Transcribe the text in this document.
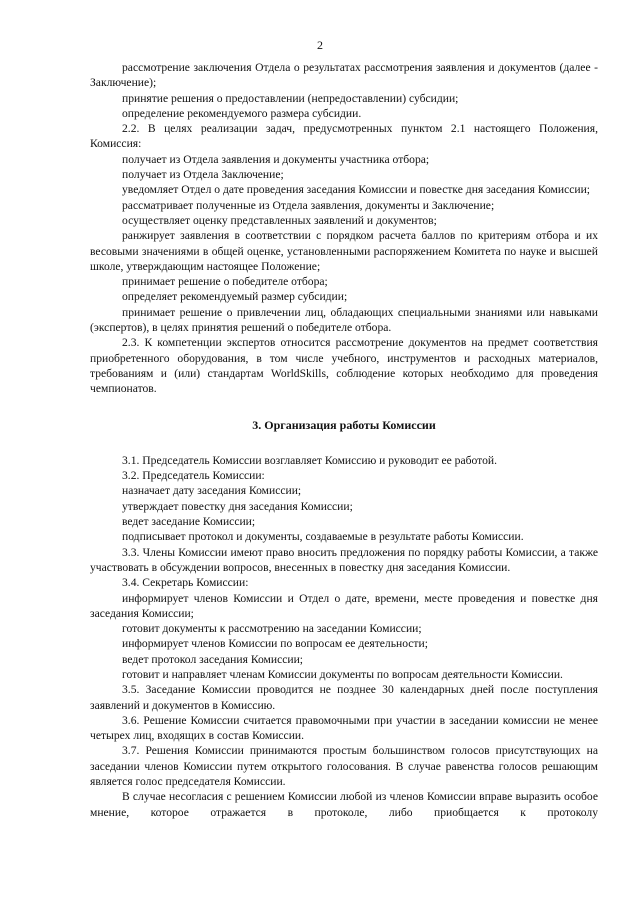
2

рассмотрение заключения Отдела о результатах рассмотрения заявления и документов (далее - Заключение);

принятие решения о предоставлении (непредоставлении) субсидии;

определение рекомендуемого размера субсидии.

2.2. В целях реализации задач, предусмотренных пунктом 2.1 настоящего Положения, Комиссия:

получает из Отдела заявления и документы участника отбора;

получает из Отдела Заключение;

уведомляет Отдел о дате проведения заседания Комиссии и повестке дня заседания Комиссии;

рассматривает полученные из Отдела заявления, документы и Заключение;

осуществляет оценку представленных заявлений и документов;

ранжирует заявления в соответствии с порядком расчета баллов по критериям отбора и их весовыми значениями в общей оценке, установленными распоряжением Комитета по науке и высшей школе, утверждающим настоящее Положение;

принимает решение о победителе отбора;

определяет рекомендуемый размер субсидии;

принимает решение о привлечении лиц, обладающих специальными знаниями или навыками (экспертов), в целях принятия решений о победителе отбора.

2.3. К компетенции экспертов относится рассмотрение документов на предмет соответствия приобретенного оборудования, в том числе учебного, инструментов и расходных материалов, требованиям и (или) стандартам WorldSkills, соблюдение которых необходимо для проведения чемпионатов.

3. Организация работы Комиссии

3.1. Председатель Комиссии возглавляет Комиссию и руководит ее работой.

3.2. Председатель Комиссии:

назначает дату заседания Комиссии;

утверждает повестку дня заседания Комиссии;

ведет заседание Комиссии;

подписывает протокол и документы, создаваемые в результате работы Комиссии.

3.3. Члены Комиссии имеют право вносить предложения по порядку работы Комиссии, а также участвовать в обсуждении вопросов, внесенных в повестку дня заседания Комиссии.

3.4. Секретарь Комиссии:

информирует членов Комиссии и Отдел о дате, времени, месте проведения и повестке дня заседания Комиссии;

готовит документы к рассмотрению на заседании Комиссии;

информирует членов Комиссии по вопросам ее деятельности;

ведет протокол заседания Комиссии;

готовит и направляет членам Комиссии документы по вопросам деятельности Комиссии.

3.5. Заседание Комиссии проводится не позднее 30 календарных дней после поступления заявлений и документов в Комиссию.

3.6. Решение Комиссии считается правомочными при участии в заседании комиссии не менее четырех лиц, входящих в состав Комиссии.

3.7. Решения Комиссии принимаются простым большинством голосов присутствующих на заседании членов Комиссии путем открытого голосования. В случае равенства голосов решающим является голос председателя Комиссии.

В случае несогласия с решением Комиссии любой из членов Комиссии вправе выразить особое мнение, которое отражается в протоколе, либо приобщается к протоколу
